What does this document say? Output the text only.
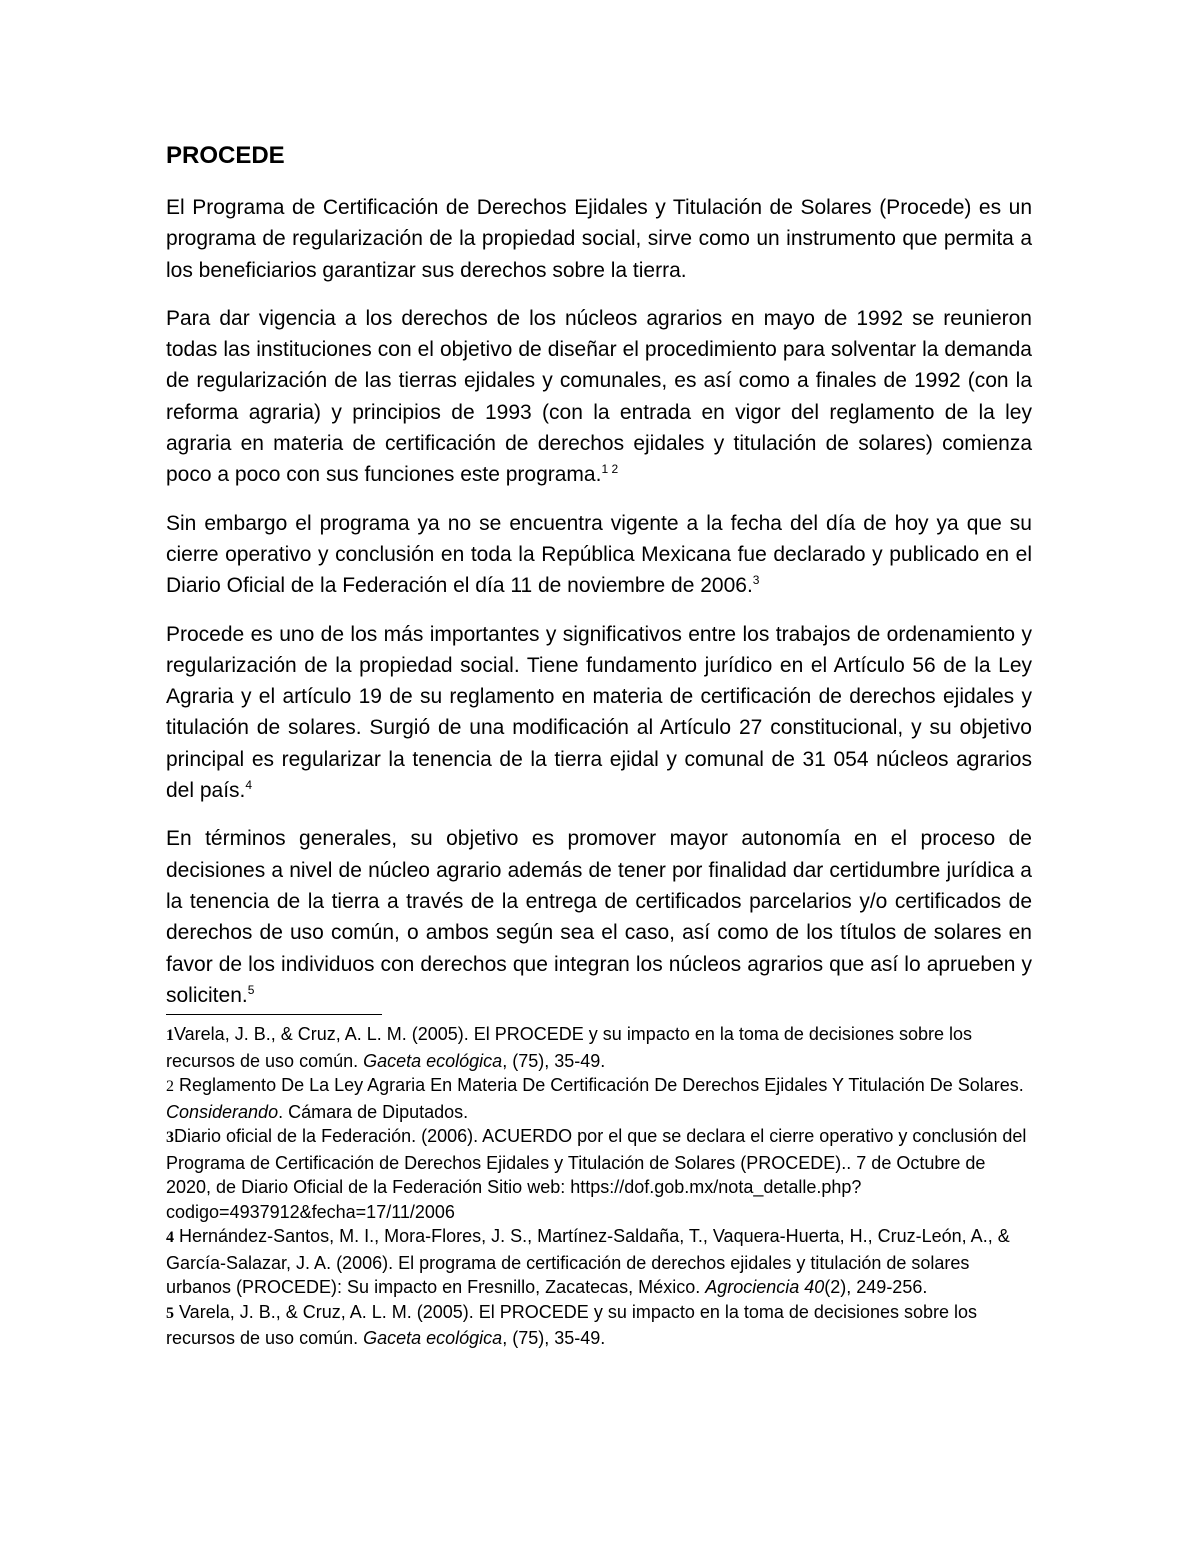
PROCEDE

El Programa de Certificación de Derechos Ejidales y Titulación de Solares (Procede) es un programa de regularización de la propiedad social, sirve como un instrumento que permita a los beneficiarios garantizar sus derechos sobre la tierra.

Para dar vigencia a los derechos de los núcleos agrarios en mayo de 1992 se reunieron todas las instituciones con el objetivo de diseñar el procedimiento para solventar la demanda de regularización de las tierras ejidales y comunales, es así como a finales de 1992 (con la reforma agraria) y principios de 1993 (con la entrada en vigor del reglamento de la ley agraria en materia de certificación de derechos ejidales y titulación de solares) comienza poco a poco con sus funciones este programa.$^{1 2}$

Sin embargo el programa ya no se encuentra vigente a la fecha del día de hoy ya que su cierre operativo y conclusión en toda la República Mexicana fue declarado y publicado en el Diario Oficial de la Federación el día 11 de noviembre de 2006.$^3$

Procede es uno de los más importantes y significativos entre los trabajos de ordenamiento y regularización de la propiedad social. Tiene fundamento jurídico en el Artículo 56 de la Ley Agraria y el artículo 19 de su reglamento en materia de certificación de derechos ejidales y titulación de solares. Surgió de una modificación al Artículo 27 constitucional, y su objetivo principal es regularizar la tenencia de la tierra ejidal y comunal de 31 054 núcleos agrarios del país.$^4$

En términos generales, su objetivo es promover mayor autonomía en el proceso de decisiones a nivel de núcleo agrario además de tener por finalidad dar certidumbre jurídica a la tenencia de la tierra a través de la entrega de certificados parcelarios y/o certificados de derechos de uso común, o ambos según sea el caso, así como de los títulos de solares en favor de los individuos con derechos que integran los núcleos agrarios que así lo aprueben y soliciten.$^5$

1Varela, J. B., & Cruz, A. L. M. (2005). El PROCEDE y su impacto en la toma de decisiones sobre los recursos de uso común. Gaceta ecológica, (75), 35-49.

2 Reglamento De La Ley Agraria En Materia De Certificación De Derechos Ejidales Y Titulación De Solares. Considerando. Cámara de Diputados.

3Diario oficial de la Federación. (2006). ACUERDO por el que se declara el cierre operativo y conclusión del Programa de Certificación de Derechos Ejidales y Titulación de Solares (PROCEDE).. 7 de Octubre de 2020, de Diario Oficial de la Federación Sitio web: https://dof.gob.mx/nota_detalle.php?codigo=4937912&fecha=17/11/2006

4 Hernández-Santos, M. I., Mora-Flores, J. S., Martínez-Saldaña, T., Vaquera-Huerta, H., Cruz-León, A., & García-Salazar, J. A. (2006). El programa de certificación de derechos ejidales y titulación de solares urbanos (PROCEDE): Su impacto en Fresnillo, Zacatecas, México. Agrociencia 40(2), 249-256.

5 Varela, J. B., & Cruz, A. L. M. (2005). El PROCEDE y su impacto en la toma de decisiones sobre los recursos de uso común. Gaceta ecológica, (75), 35-49.
